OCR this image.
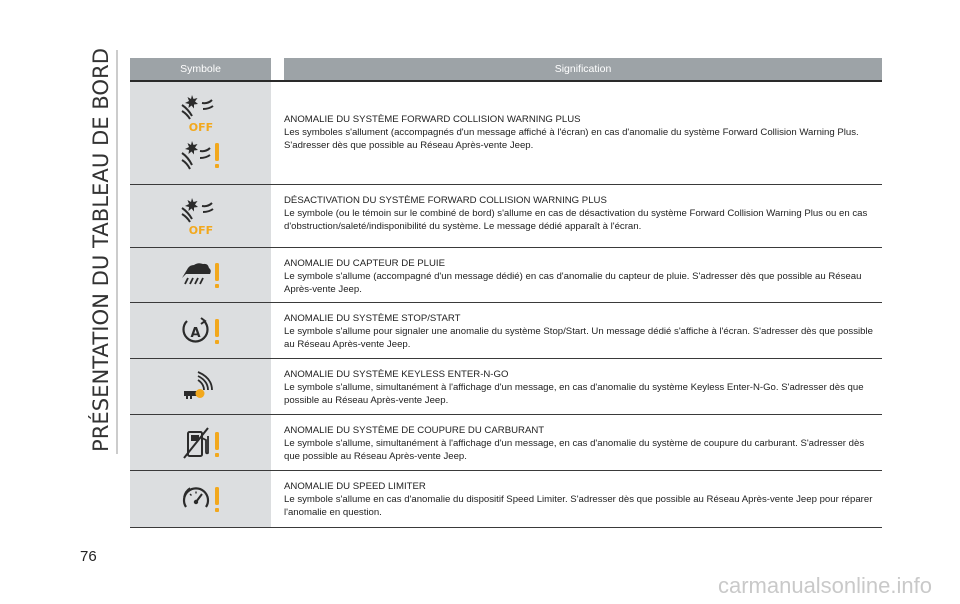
PRÉSENTATION DU TABLEAU DE BORD	Symbole	Signification
OFF
ANOMALIE DU SYSTÈME FORWARD COLLISION WARNING PLUS
Les symboles s'allument (accompagnés d'un message affiché à l'écran) en cas d'anomalie du système Forward Collision Warning Plus. S'adresser dès que possible au Réseau Après-vente Jeep.
OFF
DÉSACTIVATION DU SYSTÈME FORWARD COLLISION WARNING PLUS
Le symbole (ou le témoin sur le combiné de bord) s'allume en cas de désactivation du système Forward Collision Warning Plus ou en cas d'obstruction/saleté/indisponibilité du système. Le message dédié apparaît à l'écran.
ANOMALIE DU CAPTEUR DE PLUIE
Le symbole s'allume (accompagné d'un message dédié) en cas d'anomalie du capteur de pluie. S'adresser dès que possible au Réseau Après-vente Jeep.
A
ANOMALIE DU SYSTÈME STOP/START
Le symbole s'allume pour signaler une anomalie du système Stop/Start. Un message dédié s'affiche à l'écran. S'adresser dès que possible au Réseau Après-vente Jeep.
ANOMALIE DU SYSTÈME KEYLESS ENTER-N-GO
Le symbole s'allume, simultanément à l'affichage d'un message, en cas d'anomalie du système Keyless Enter-N-Go. S'adresser dès que possible au Réseau Après-vente Jeep.
ANOMALIE DU SYSTÈME DE COUPURE DU CARBURANT
Le symbole s'allume, simultanément à l'affichage d'un message, en cas d'anomalie du système de coupure du carburant. S'adresser dès que possible au Réseau Après-vente Jeep.
ANOMALIE DU SPEED LIMITER
Le symbole s'allume en cas d'anomalie du dispositif Speed Limiter. S'adresser dès que possible au Réseau Après-vente Jeep pour réparer l'anomalie en question.
76
carmanualsonline.info
